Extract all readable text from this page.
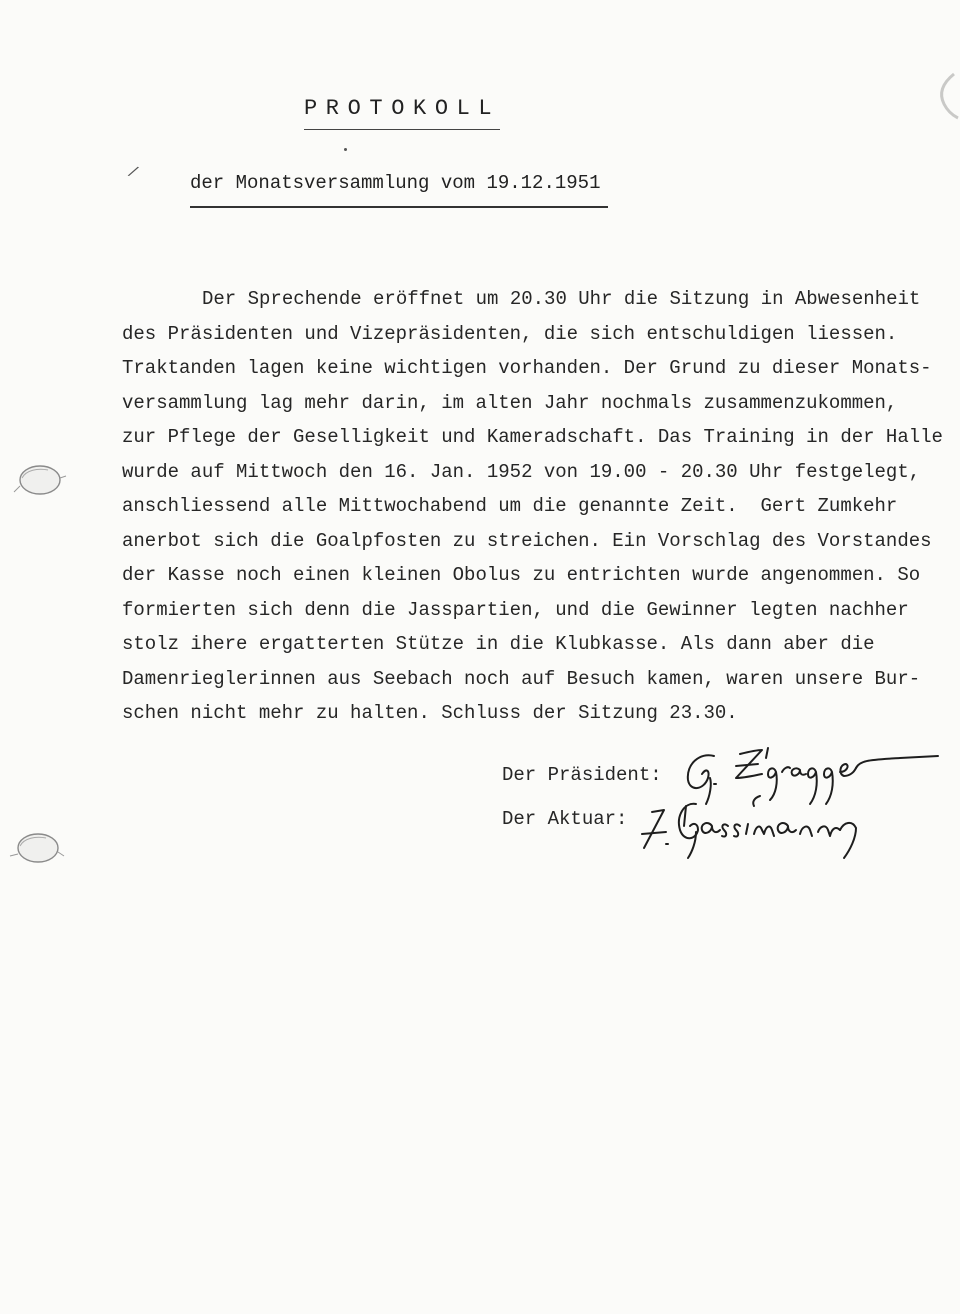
/
PROTOKOLL
der Monatsversammlung vom 19.12.1951
Der Sprechende eröffnet um 20.30 Uhr die Sitzung in Abwesenheit
des Präsidenten und Vizepräsidenten, die sich entschuldigen liessen.
Traktanden lagen keine wichtigen vorhanden. Der Grund zu dieser Monats-
versammlung lag mehr darin, im alten Jahr nochmals zusammenzukommen,
zur Pflege der Geselligkeit und Kameradschaft. Das Training in der Halle
wurde auf Mittwoch den 16. Jan. 1952 von 19.00 - 20.30 Uhr festgelegt,
anschliessend alle Mittwochabend um die genannte Zeit.  Gert Zumkehr
anerbot sich die Goalpfosten zu streichen. Ein Vorschlag des Vorstandes
der Kasse noch einen kleinen Obolus zu entrichten wurde angenommen. So
formierten sich denn die Jasspartien, und die Gewinner legten nachher
stolz ihere ergatterten Stütze in die Klubkasse. Als dann aber die
Damenrieglerinnen aus Seebach noch auf Besuch kamen, waren unsere Bur-
schen nicht mehr zu halten. Schluss der Sitzung 23.30.
Der Präsident:
Der Aktuar:
